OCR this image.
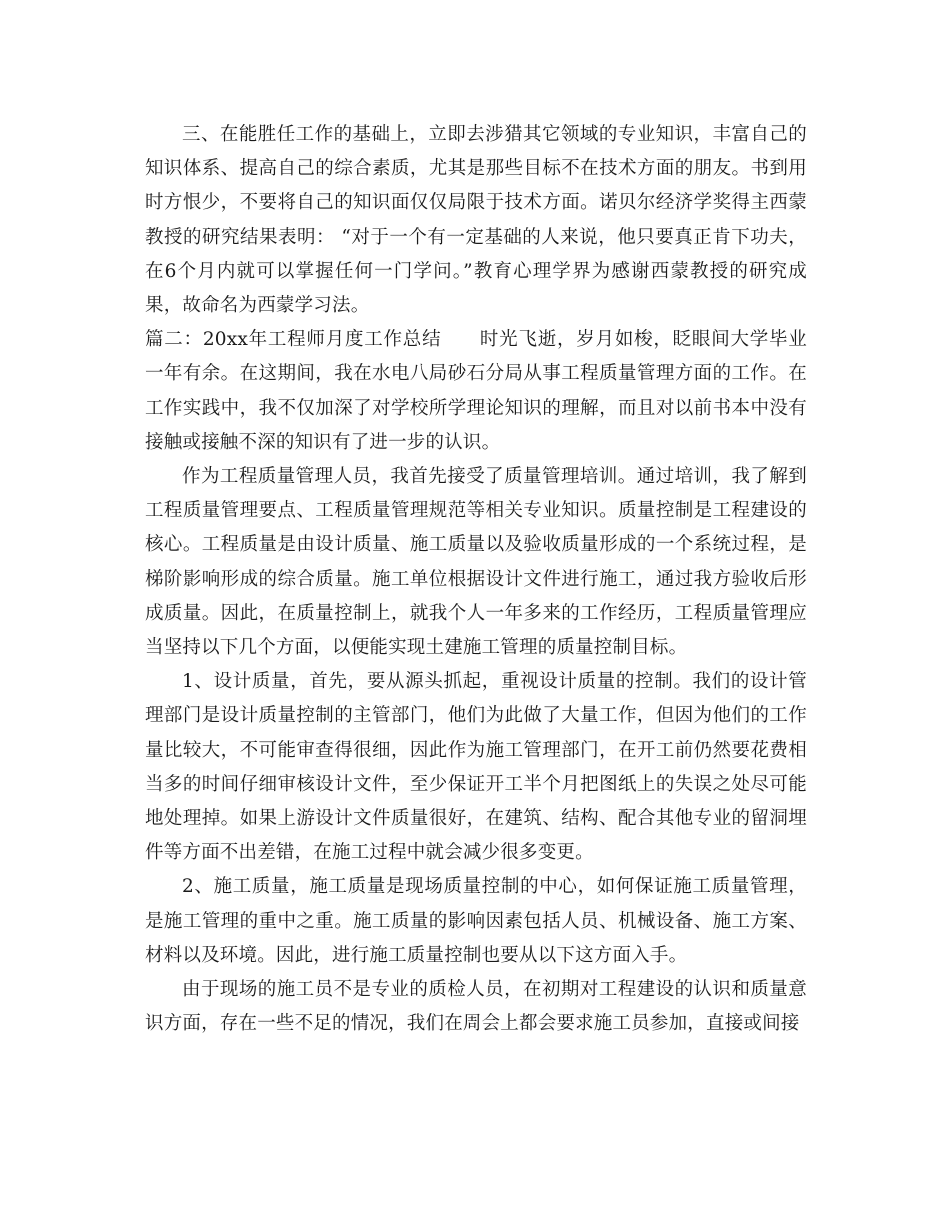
三、在能胜任工作的基础上，立即去涉猎其它领域的专业知识，丰富自己的知识体系、提高自己的综合素质，尤其是那些目标不在技术方面的朋友。书到用时方恨少，不要将自己的知识面仅仅局限于技术方面。诺贝尔经济学奖得主西蒙教授的研究结果表明： “对于一个有一定基础的人来说，他只要真正肯下功夫，在6个月内就可以掌握任何一门学问。”教育心理学界为感谢西蒙教授的研究成果，故命名为西蒙学习法。

篇二：20xx年工程师月度工作总结　　时光飞逝，岁月如梭，眨眼间大学毕业一年有余。在这期间，我在水电八局砂石分局从事工程质量管理方面的工作。在工作实践中，我不仅加深了对学校所学理论知识的理解，而且对以前书本中没有接触或接触不深的知识有了进一步的认识。

作为工程质量管理人员，我首先接受了质量管理培训。通过培训，我了解到工程质量管理要点、工程质量管理规范等相关专业知识。质量控制是工程建设的核心。工程质量是由设计质量、施工质量以及验收质量形成的一个系统过程，是梯阶影响形成的综合质量。施工单位根据设计文件进行施工，通过我方验收后形成质量。因此，在质量控制上，就我个人一年多来的工作经历，工程质量管理应当坚持以下几个方面，以便能实现土建施工管理的质量控制目标。

1、设计质量，首先，要从源头抓起，重视设计质量的控制。我们的设计管理部门是设计质量控制的主管部门，他们为此做了大量工作，但因为他们的工作量比较大，不可能审查得很细，因此作为施工管理部门，在开工前仍然要花费相当多的时间仔细审核设计文件，至少保证开工半个月把图纸上的失误之处尽可能地处理掉。如果上游设计文件质量很好，在建筑、结构、配合其他专业的留洞埋件等方面不出差错，在施工过程中就会减少很多变更。

2、施工质量，施工质量是现场质量控制的中心，如何保证施工质量管理，是施工管理的重中之重。施工质量的影响因素包括人员、机械设备、施工方案、材料以及环境。因此，进行施工质量控制也要从以下这方面入手。

由于现场的施工员不是专业的质检人员，在初期对工程建设的认识和质量意识方面，存在一些不足的情况，我们在周会上都会要求施工员参加，直接或间接
